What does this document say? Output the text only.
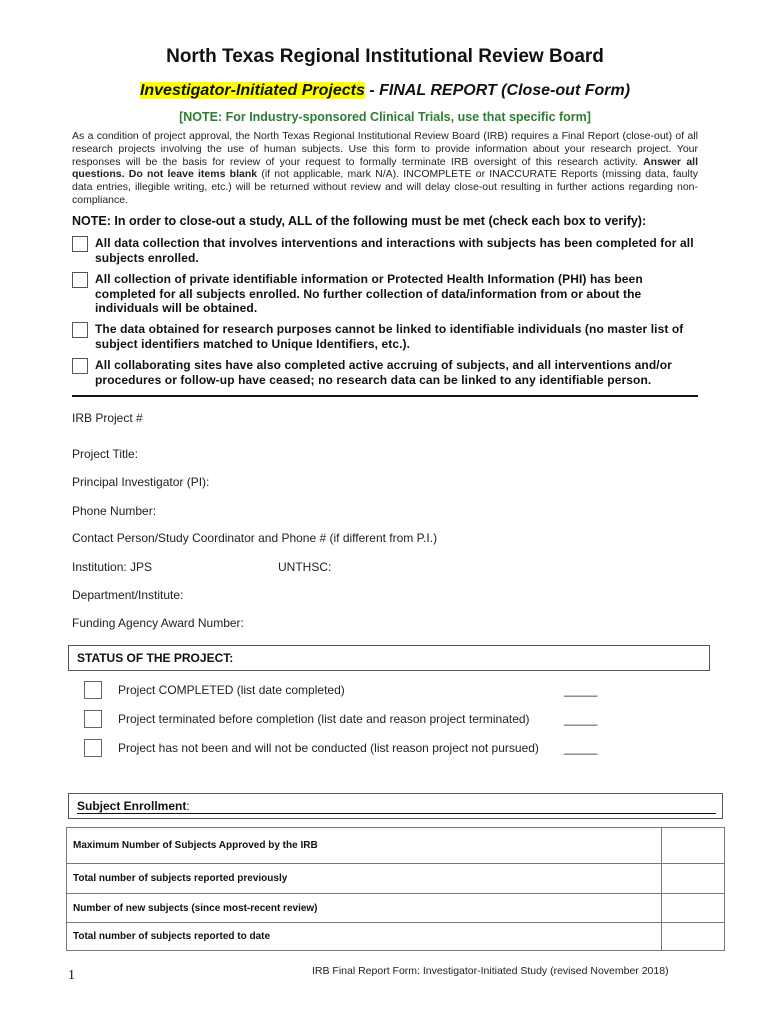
North Texas Regional Institutional Review Board
Investigator-Initiated Projects - FINAL REPORT (Close-out Form)
[NOTE: For Industry-sponsored Clinical Trials, use that specific form]
As a condition of project approval, the North Texas Regional Institutional Review Board (IRB) requires a Final Report (close-out) of all research projects involving the use of human subjects. Use this form to provide information about your research project. Your responses will be the basis for review of your request to formally terminate IRB oversight of this research activity. Answer all questions. Do not leave items blank (if not applicable, mark N/A). INCOMPLETE or INACCURATE Reports (missing data, faulty data entries, illegible writing, etc.) will be returned without review and will delay close-out resulting in further actions regarding non-compliance.
NOTE: In order to close-out a study, ALL of the following must be met (check each box to verify):
All data collection that involves interventions and interactions with subjects has been completed for all subjects enrolled.
All collection of private identifiable information or Protected Health Information (PHI) has been completed for all subjects enrolled. No further collection of data/information from or about the individuals will be obtained.
The data obtained for research purposes cannot be linked to identifiable individuals (no master list of subject identifiers matched to Unique Identifiers, etc.).
All collaborating sites have also completed active accruing of subjects, and all interventions and/or procedures or follow-up have ceased; no research data can be linked to any identifiable person.
IRB Project #
Project Title:
Principal Investigator (PI):
Phone Number:
Contact Person/Study Coordinator and Phone # (if different from P.I.)
Institution: JPS	UNTHSC:
Department/Institute:
Funding Agency Award Number:
STATUS OF THE PROJECT:
Project COMPLETED (list date completed)	_____
Project terminated before completion (list date and reason project terminated)	_____
Project has not been and will not be conducted (list reason project not pursued) _____
Subject Enrollment:
Maximum Number of Subjects Approved by the IRB	
Total number of subjects reported previously	
Number of new subjects (since most-recent review)	
Total number of subjects reported to date	
1	IRB Final Report Form: Investigator-Initiated Study (revised November 2018)
